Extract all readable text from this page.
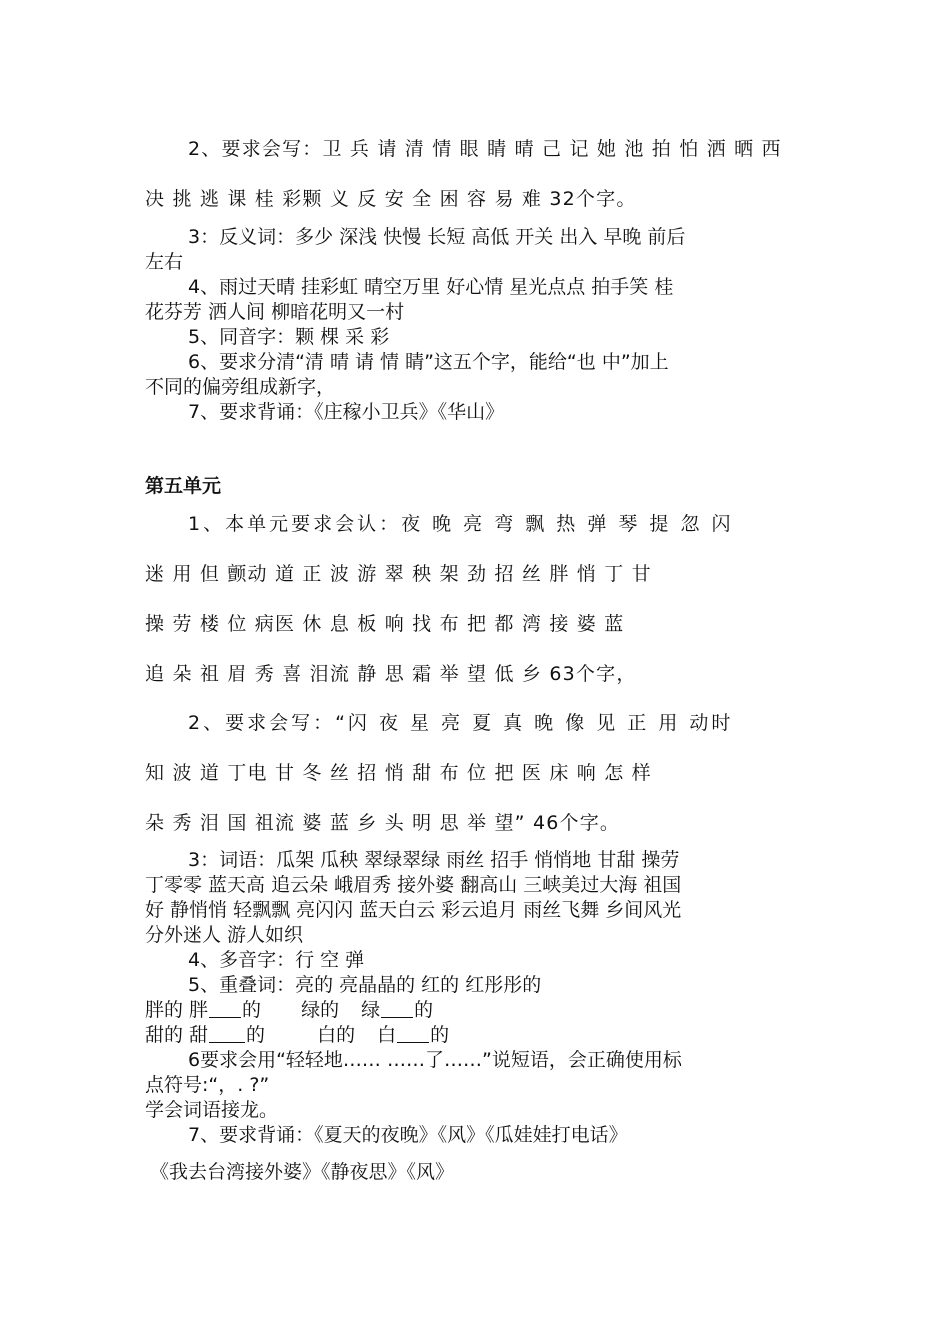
2、要求会写：卫 兵 请 清 情 眼 睛 晴 己 记 她 池 拍 怕 洒 晒 西
决 挑 逃 课 桂 彩颗 义 反 安 全 困 容 易 难 32个字。
3：反义词：多少 深浅 快慢 长短 高低 开关 出入 早晚 前后
左右
4、雨过天晴 挂彩虹 晴空万里 好心情 星光点点 拍手笑 桂
花芬芳 洒人间 柳暗花明又一村
5、同音字：颗 棵 采 彩
6、要求分清“清 晴 请 情 睛”这五个字，能给“也 中”加上
不同的偏旁组成新字，
7、要求背诵：《庄稼小卫兵》《华山》
第五单元
1、本单元要求会认：夜 晚 亮 弯 飘 热 弹 琴 提 忽 闪
迷 用 但 颤动 道 正 波 游 翠 秧 架 劲 招 丝 胖 悄 丁 甘
操 劳 楼 位 病医 休 息 板 响 找 布 把 都 湾 接 婆 蓝
追 朵 祖 眉 秀 喜 泪流 静 思 霜 举 望 低 乡 63个字，
2、要求会写：“闪 夜 星 亮 夏 真 晚 像 见 正 用 动时
知 波 道 丁电 甘 冬 丝 招 悄 甜 布 位 把 医 床 响 怎 样
朵 秀 泪 国 祖流 婆 蓝 乡 头 明 思 举 望” 46个字。
3：词语：瓜架 瓜秧 翠绿翠绿 雨丝 招手 悄悄地 甘甜 操劳
丁零零 蓝天高 追云朵 峨眉秀 接外婆 翻高山 三峡美过大海 祖国
好 静悄悄 轻飘飘 亮闪闪 蓝天白云 彩云追月 雨丝飞舞 乡间风光
分外迷人 游人如织
4、多音字：行 空 弹
5、重叠词：亮的 亮晶晶的 红的 红彤彤的
胖的 胖 的 绿的 绿 的
甜的 甜 的	白的 白 的
6要求会用“轻轻地…… ……了……”说短语，会正确使用标
点符号:“，. ?”
学会词语接龙。
7、要求背诵：《夏天的夜晚》《风》《瓜娃娃打电话》
《我去台湾接外婆》《静夜思》《风》
